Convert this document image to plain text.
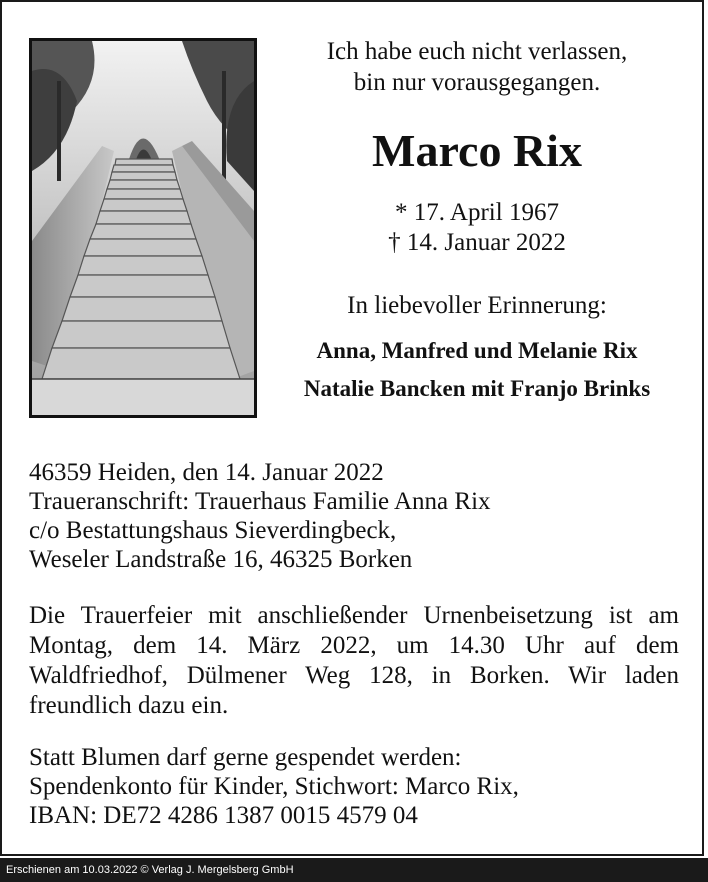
Ich habe euch nicht verlassen,
bin nur vorausgegangen.
Marco Rix
* 17. April 1967
† 14. Januar 2022
In liebevoller Erinnerung:
Anna, Manfred und Melanie Rix
Natalie Bancken mit Franjo Brinks
46359 Heiden, den 14. Januar 2022
Traueranschrift: Trauerhaus Familie Anna Rix
c/o Bestattungshaus Sieverdingbeck,
Weseler Landstraße 16, 46325 Borken
Die Trauerfeier mit anschließender Urnenbeisetzung ist am Montag, dem 14. März 2022, um 14.30 Uhr auf dem Waldfriedhof, Dülmener Weg 128, in Borken. Wir laden freundlich dazu ein.
Statt Blumen darf gerne gespendet werden:
Spendenkonto für Kinder, Stichwort: Marco Rix,
IBAN: DE72 4286 1387 0015 4579 04
Erschienen am 10.03.2022 © Verlag J. Mergelsberg GmbH
